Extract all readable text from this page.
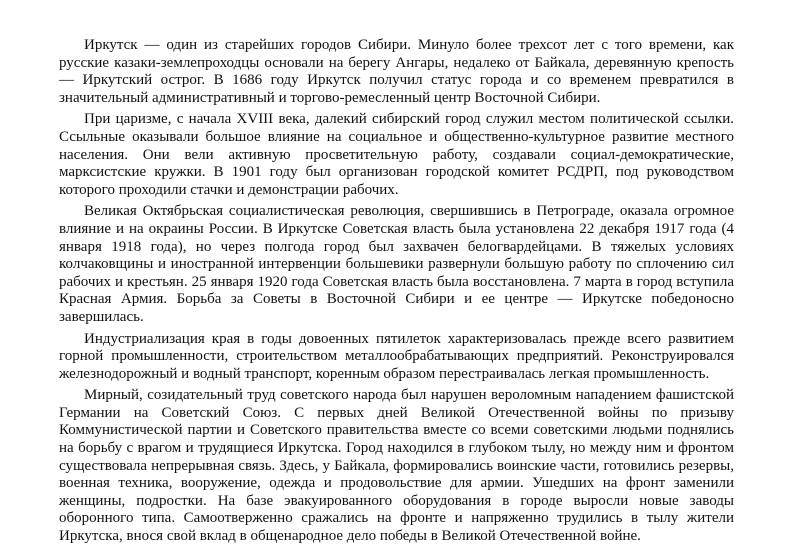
Иркутск — один из старейших городов Сибири. Минуло более трехсот лет с того времени, как русские казаки-землепроходцы основали на берегу Ангары, недалеко от Байкала, деревянную крепость — Иркутский острог. В 1686 году Иркутск получил статус города и со временем превратился в значительный административный и торгово-ремесленный центр Восточной Сибири.

При царизме, с начала XVIII века, далекий сибирский город служил местом политической ссылки. Ссыльные оказывали большое влияние на социальное и общественно-культурное развитие местного населения. Они вели активную просветительную работу, создавали социал-демократические, марксистские кружки. В 1901 году был организован городской комитет РСДРП, под руководством которого проходили стачки и демонстрации рабочих.

Великая Октябрьская социалистическая революция, свершившись в Петрограде, оказала огромное влияние и на окраины России. В Иркутске Советская власть была установлена 22 декабря 1917 года (4 января 1918 года), но через полгода город был захвачен белогвардейцами. В тяжелых условиях колчаковщины и иностранной интервенции большевики развернули большую работу по сплочению сил рабочих и крестьян. 25 января 1920 года Советская власть была восстановлена. 7 марта в город вступила Красная Армия. Борьба за Советы в Восточной Сибири и ее центре — Иркутске победоносно завершилась.

Индустриализация края в годы довоенных пятилеток характеризовалась прежде всего развитием горной промышленности, строительством металлообрабатывающих предприятий. Реконструировался железнодорожный и водный транспорт, коренным образом перестраивалась легкая промышленность.

Мирный, созидательный труд советского народа был нарушен вероломным нападением фашистской Германии на Советский Союз. С первых дней Великой Отечественной войны по призыву Коммунистической партии и Советского правительства вместе со всеми советскими людьми поднялись на борьбу с врагом и трудящиеся Иркутска. Город находился в глубоком тылу, но между ним и фронтом существовала непрерывная связь. Здесь, у Байкала, формировались воинские части, готовились резервы, военная техника, вооружение, одежда и продовольствие для армии. Ушедших на фронт заменили женщины, подростки. На базе эвакуированного оборудования в городе выросли новые заводы оборонного типа. Самоотверженно сражались на фронте и напряженно трудились в тылу жители Иркутска, внося свой вклад в общенародное дело победы в Великой Отечественной войне.
